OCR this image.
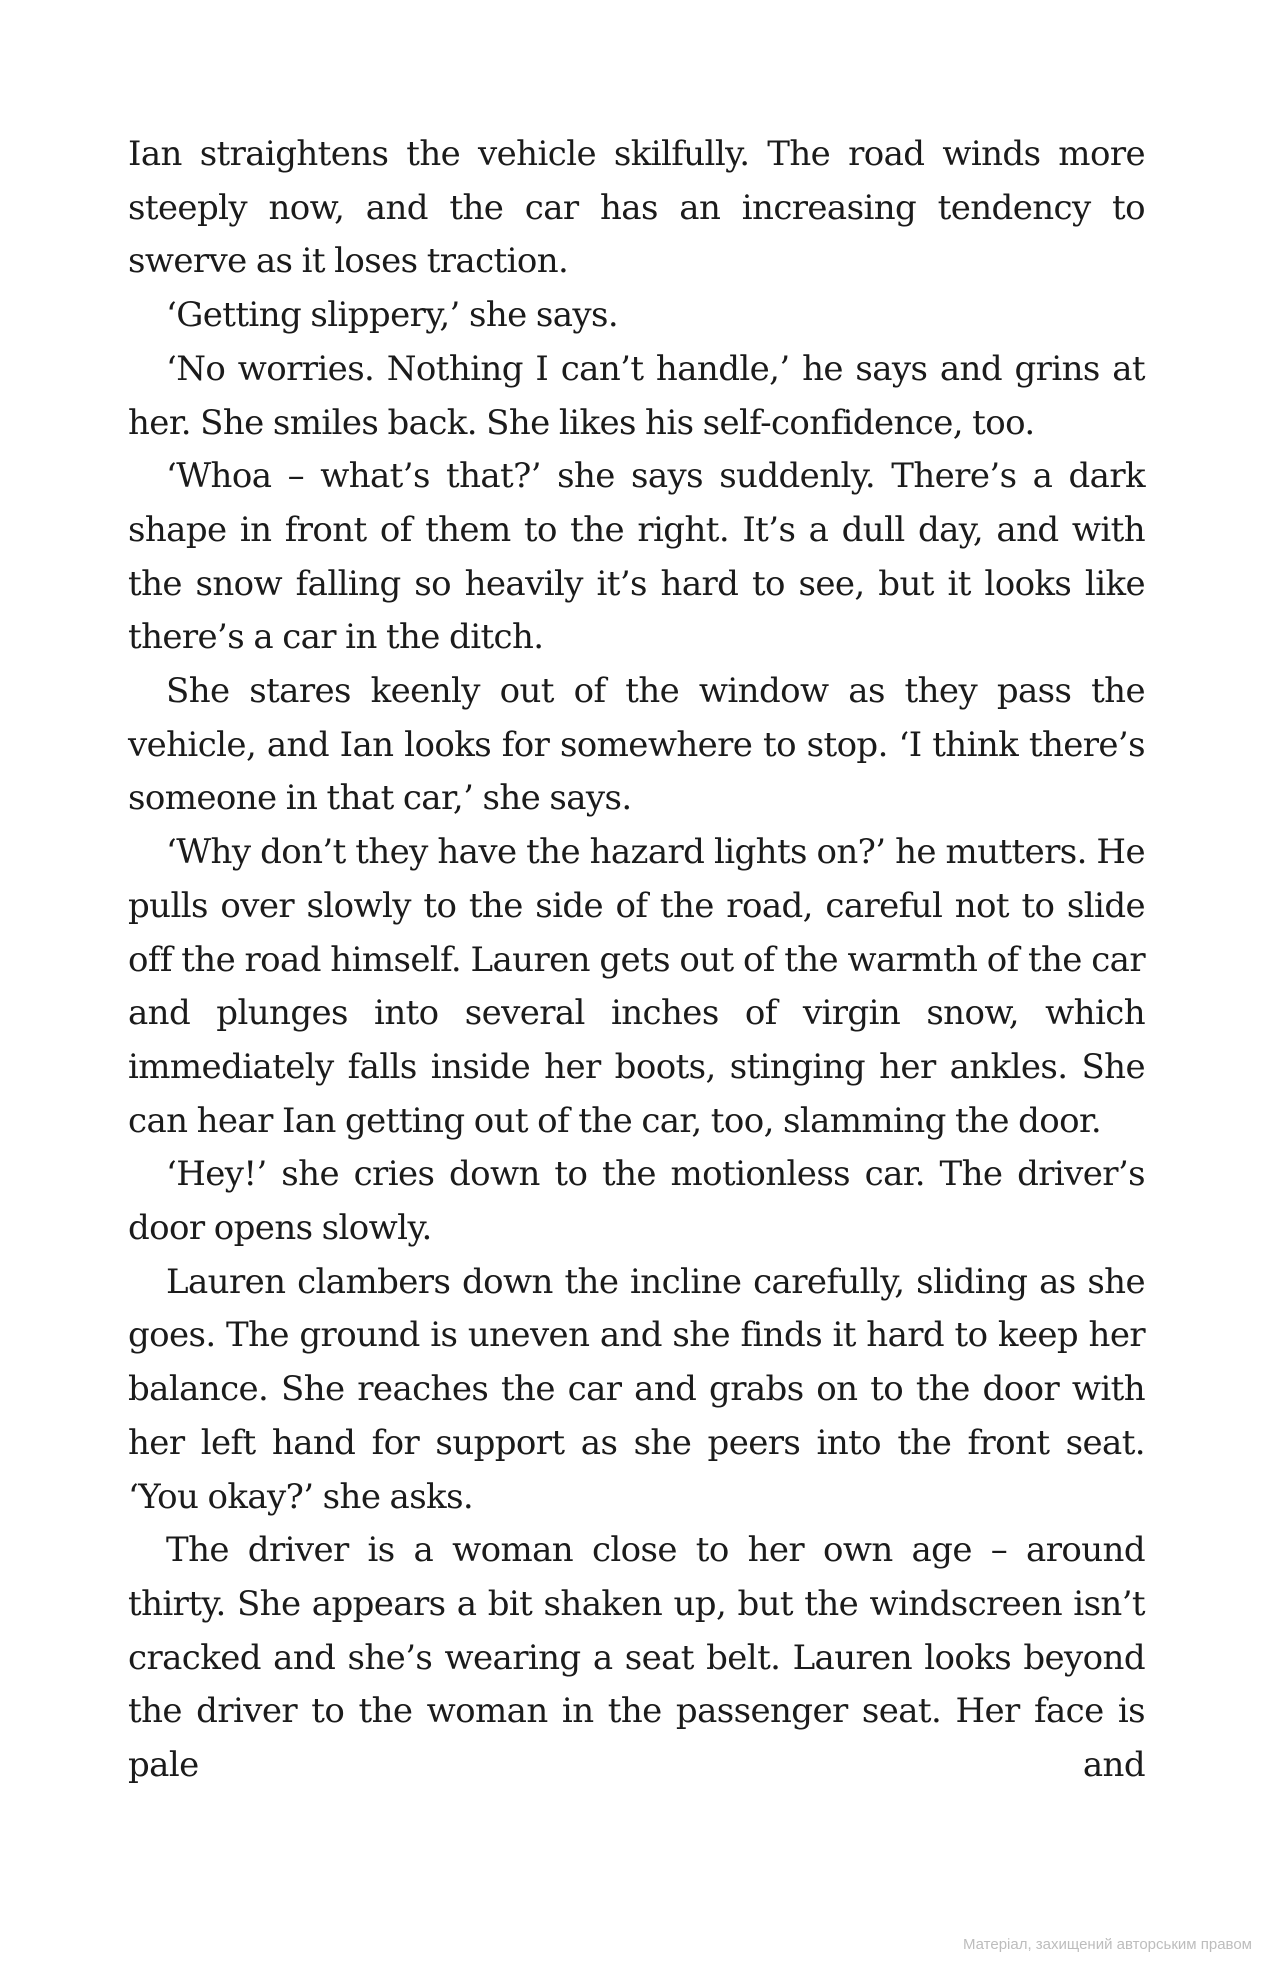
Ian straightens the vehicle skilfully. The road winds more steeply now, and the car has an increasing tendency to swerve as it loses traction.

‘Getting slippery,’ she says.

‘No worries. Nothing I can’t handle,’ he says and grins at her. She smiles back. She likes his self-confidence, too.

‘Whoa – what’s that?’ she says suddenly. There’s a dark shape in front of them to the right. It’s a dull day, and with the snow falling so heavily it’s hard to see, but it looks like there’s a car in the ditch.

She stares keenly out of the window as they pass the vehicle, and Ian looks for somewhere to stop. ‘I think there’s someone in that car,’ she says.

‘Why don’t they have the hazard lights on?’ he mutters. He pulls over slowly to the side of the road, careful not to slide off the road himself. Lauren gets out of the warmth of the car and plunges into several inches of virgin snow, which immediately falls inside her boots, stinging her ankles. She can hear Ian getting out of the car, too, slamming the door.

‘Hey!’ she cries down to the motionless car. The driver’s door opens slowly.

Lauren clambers down the incline carefully, sliding as she goes. The ground is uneven and she finds it hard to keep her balance. She reaches the car and grabs on to the door with her left hand for support as she peers into the front seat. ‘You okay?’ she asks.

The driver is a woman close to her own age – around thirty. She appears a bit shaken up, but the windscreen isn’t cracked and she’s wearing a seat belt. Lauren looks beyond the driver to the woman in the passenger seat. Her face is pale and

Матеріал, захищений авторським правом
